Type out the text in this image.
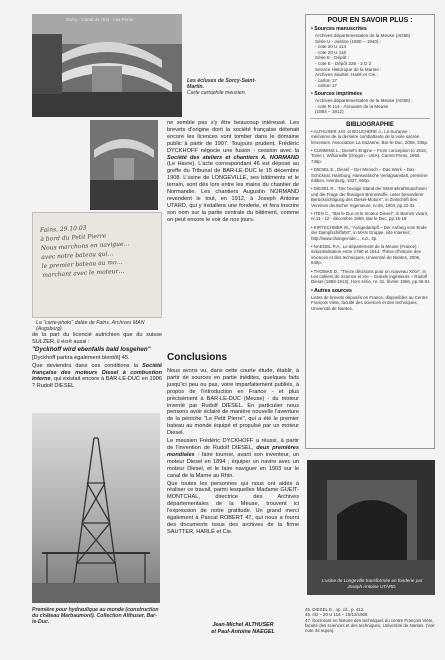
Sorcy - Canal de l'Est - Les Ponts
Les écluses de Sorcy-Saint-Martin.
Carte cartophile meusien.
Fains, 29.10.03
à bord du Petit Pierre
Nous marchons en navigue…
avec notre bateau qui…
le premier bateau au mo…
marchant avec le moteur…
La "carte-photo" datée de Fains. Archives MAN (Augsburg).

de la part du licencié autrichien que du suisse SULZER, il écrit aussi :

"Dyckhoff wird ebenfalls bald losgehen"

[Dyckhoff partira également bientôt] 45.

Que deviendra dans ces conditions la Société française des moteurs Diesel à combustion interne, qui existait encore à BAR-LE-DUC en 1906 ? Rudolf DIESEL

Première pour hydraulique au monde (construction du château Marbaumont). Collection Althuser, Bar-le-Duc.

ne semble pas s'y être beaucoup intéressé. Les brevets d'origine dont la société française détenait encore les licences vont tomber dans le domaine public à partir de 1907. Toujours prudent, Frédéric DYCKHOFF négocie une fusion - cession avec la Société des ateliers et chantiers A. NORMAND (Le Havre). L'acte correspondant 46 est déposé au greffe du Tribunal de BAR-LE-DUC le 15 décembre 1908. L'usine de LONGEVILLE, ses bâtiments et le terrain, sont dès lors entre les mains du chantier de Normandie. Les chantiers Augustin NORMAND revendent le tout, en 1912, à Joseph Antoine UTARD, qui y installera une fonderie, et fera inscrire son nom sur la partie centrale du bâtiment, comme on peut encore le voir de nos jours.

Conclusions

Nous avons vu, dans cette courte étude, établir, à partir de sources en partie inédites, quelques faits jusqu'ici peu ou pas, voire imparfaitement publiés, à propos de l'introduction en France - et plus précisément à BAR-LE-DUC (Meuse) - du moteur inventé par Rudolf DIESEL. En particulier nous pensons avoir éclairé de manière nouvelle l'aventure de la péniche "Le Petit Pierre", qui a été le premier bateau au monde équipé et propulsé par un moteur Diesel.

Le meusien Frédéric DYCKHOFF a réussi, à partir de l'invention de Rudolf DIESEL, deux premières mondiales : faire tourner, avant son inventeur, un moteur Diesel en 1894 ; équiper un navire avec un moteur Diesel, et le faire naviguer en 1903 sur le canal de la Marne au Rhin.

Que toutes les personnes qui nous ont aidés à réaliser ce travail, parmi lesquelles Madame GUEIT-MONTCHAL, directrice des Archives départementales de la Meuse, trouvent ici l'expression de notre gratitude. Un grand merci également à Pascal ROBERT 47, qui nous a fourni des documents issus des archives de la firme SAUTTER, HARLÉ et Cie.

Jean-Michel ALTHUSER
et Paul-Antoine NAEGEL
POUR EN SAVOIR PLUS :
• Sources manuscrites
Archives départementales de la Meuse (AD55) :
Série U - Justice (1800 – 1940) :
- cote 20 U 114
- cote 20 U 116
Série E - Dépôt :
- cote E - Dépôt 226 - 2 D 2
Service Historique de la Marine :
Archives Sautter, Harlé et Cie :
- carton 17
- carton 17
• Sources imprimées
Archives départementales de la Meuse (AD55) :
- cote R 114 - Annuaire de la Meuse
(1884 – 1912)
BIBLIOGRAPHIE
• ALTHUSER J.M. et BOUCHERE J., La Suzanne : mémoires de la dernière combattante de la voile sacrée fervesses. Association La Suzanne, Bar-le-Duc, 2006, 336p.
• CUMMINS L., Diesel's Engine – From conception to 1918, Tome I, Wilsonville (Oregon - USA), Carnot Press, 1993, 746p.
• DIESEL E., Diesel – Der Mensch – Das Werk – Das Schicksal, Hamburg, Hanseatische Verlagsanstalt, première édition, Hamburg, 1937, 560p.
• DIESEL R., "Der heutige Stand der Wärmekraftmaschinen und die Frage der flüssigen Brennstoffe, unter besonderer Berücksichtigung des Diesel-Motors", in Zeitschrift des Vereines deutscher Ingenieure, nr.36, 1903, pp.22-31
• ITEN C., "Bar le Duc et le moteur Diesel", in Barrois vivant, nr.11 - 12 - décembre 1959, Bar le Duc, pp.15-18
• KIRTSCHMER W., "Ausgedampft – Der Anfang vom Ende der Dampfschiffahrt", in MAN Gruppe, site Internet : http://www.changeAide..., s.d., 3p.
• NAEGEL P.A., Le département de la Meuse (France) : industrialisation entre 1790 et 1914. Thèse d'histoire des sciences et des techniques, Université de Nantes, 2006, 549p.
• THOMAS D., "Treize décisions pour un nouveau XIXe", in Les cahiers de Science et Vie – Grands ingénieurs – Rudolf Diesel (1858-1913), Hors série, nr. 31, février 1966, pp.46-61
• Autres sources
Listes de brevets déposés en France, disponibles au Centre François Viète, faculté des sciences et des techniques, Université de Nantes.
L'usine de Longeville transformée en fonderie par Joseph Antoine UTARD.
45. DIESEL E., op. cit., p. 412.
46. AD – 20 U 116 – 15/12/1908
47. Doctorant en histoire des techniques au centre François Viète, faculté des sciences et des techniques, Université de Nantes. (Voir note 34 supra).
